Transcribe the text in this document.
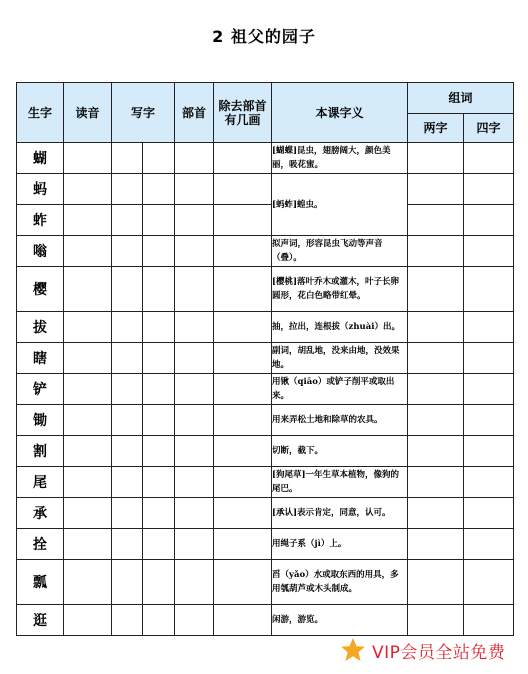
2 祖父的园子
生字	读音	写字		部首	除去部首有几画	本课字义	组词	
							两字	四字
蝴						[蝴蝶]昆虫，翅膀阔大，颜色美丽，吸花蜜。		
蚂						[蚂蚱]蝗虫。		
蚱								
嗡						拟声词，形容昆虫飞动等声音（叠）。		
樱						[樱桃]落叶乔木或灌木，叶子长卵圆形，花白色略带红晕。		
拔						抽，拉出，连根拔（zhuài）出。		
瞎						副词，胡乱地，没来由地，没效果地。		
铲						用锹（qiāo）或铲子削平或取出来。		
锄						用来弄松土地和除草的农具。		
割						切断，截下。		
尾						[狗尾草]一年生草本植物，像狗的尾巴。		
承						[承认]表示肯定，同意，认可。		
拴						用绳子系（jì）上。		
瓢						舀（yǎo）水或取东西的用具，多用瓠葫芦或木头制成。		
逛						闲游，游览。		
VIP会员全站免费
